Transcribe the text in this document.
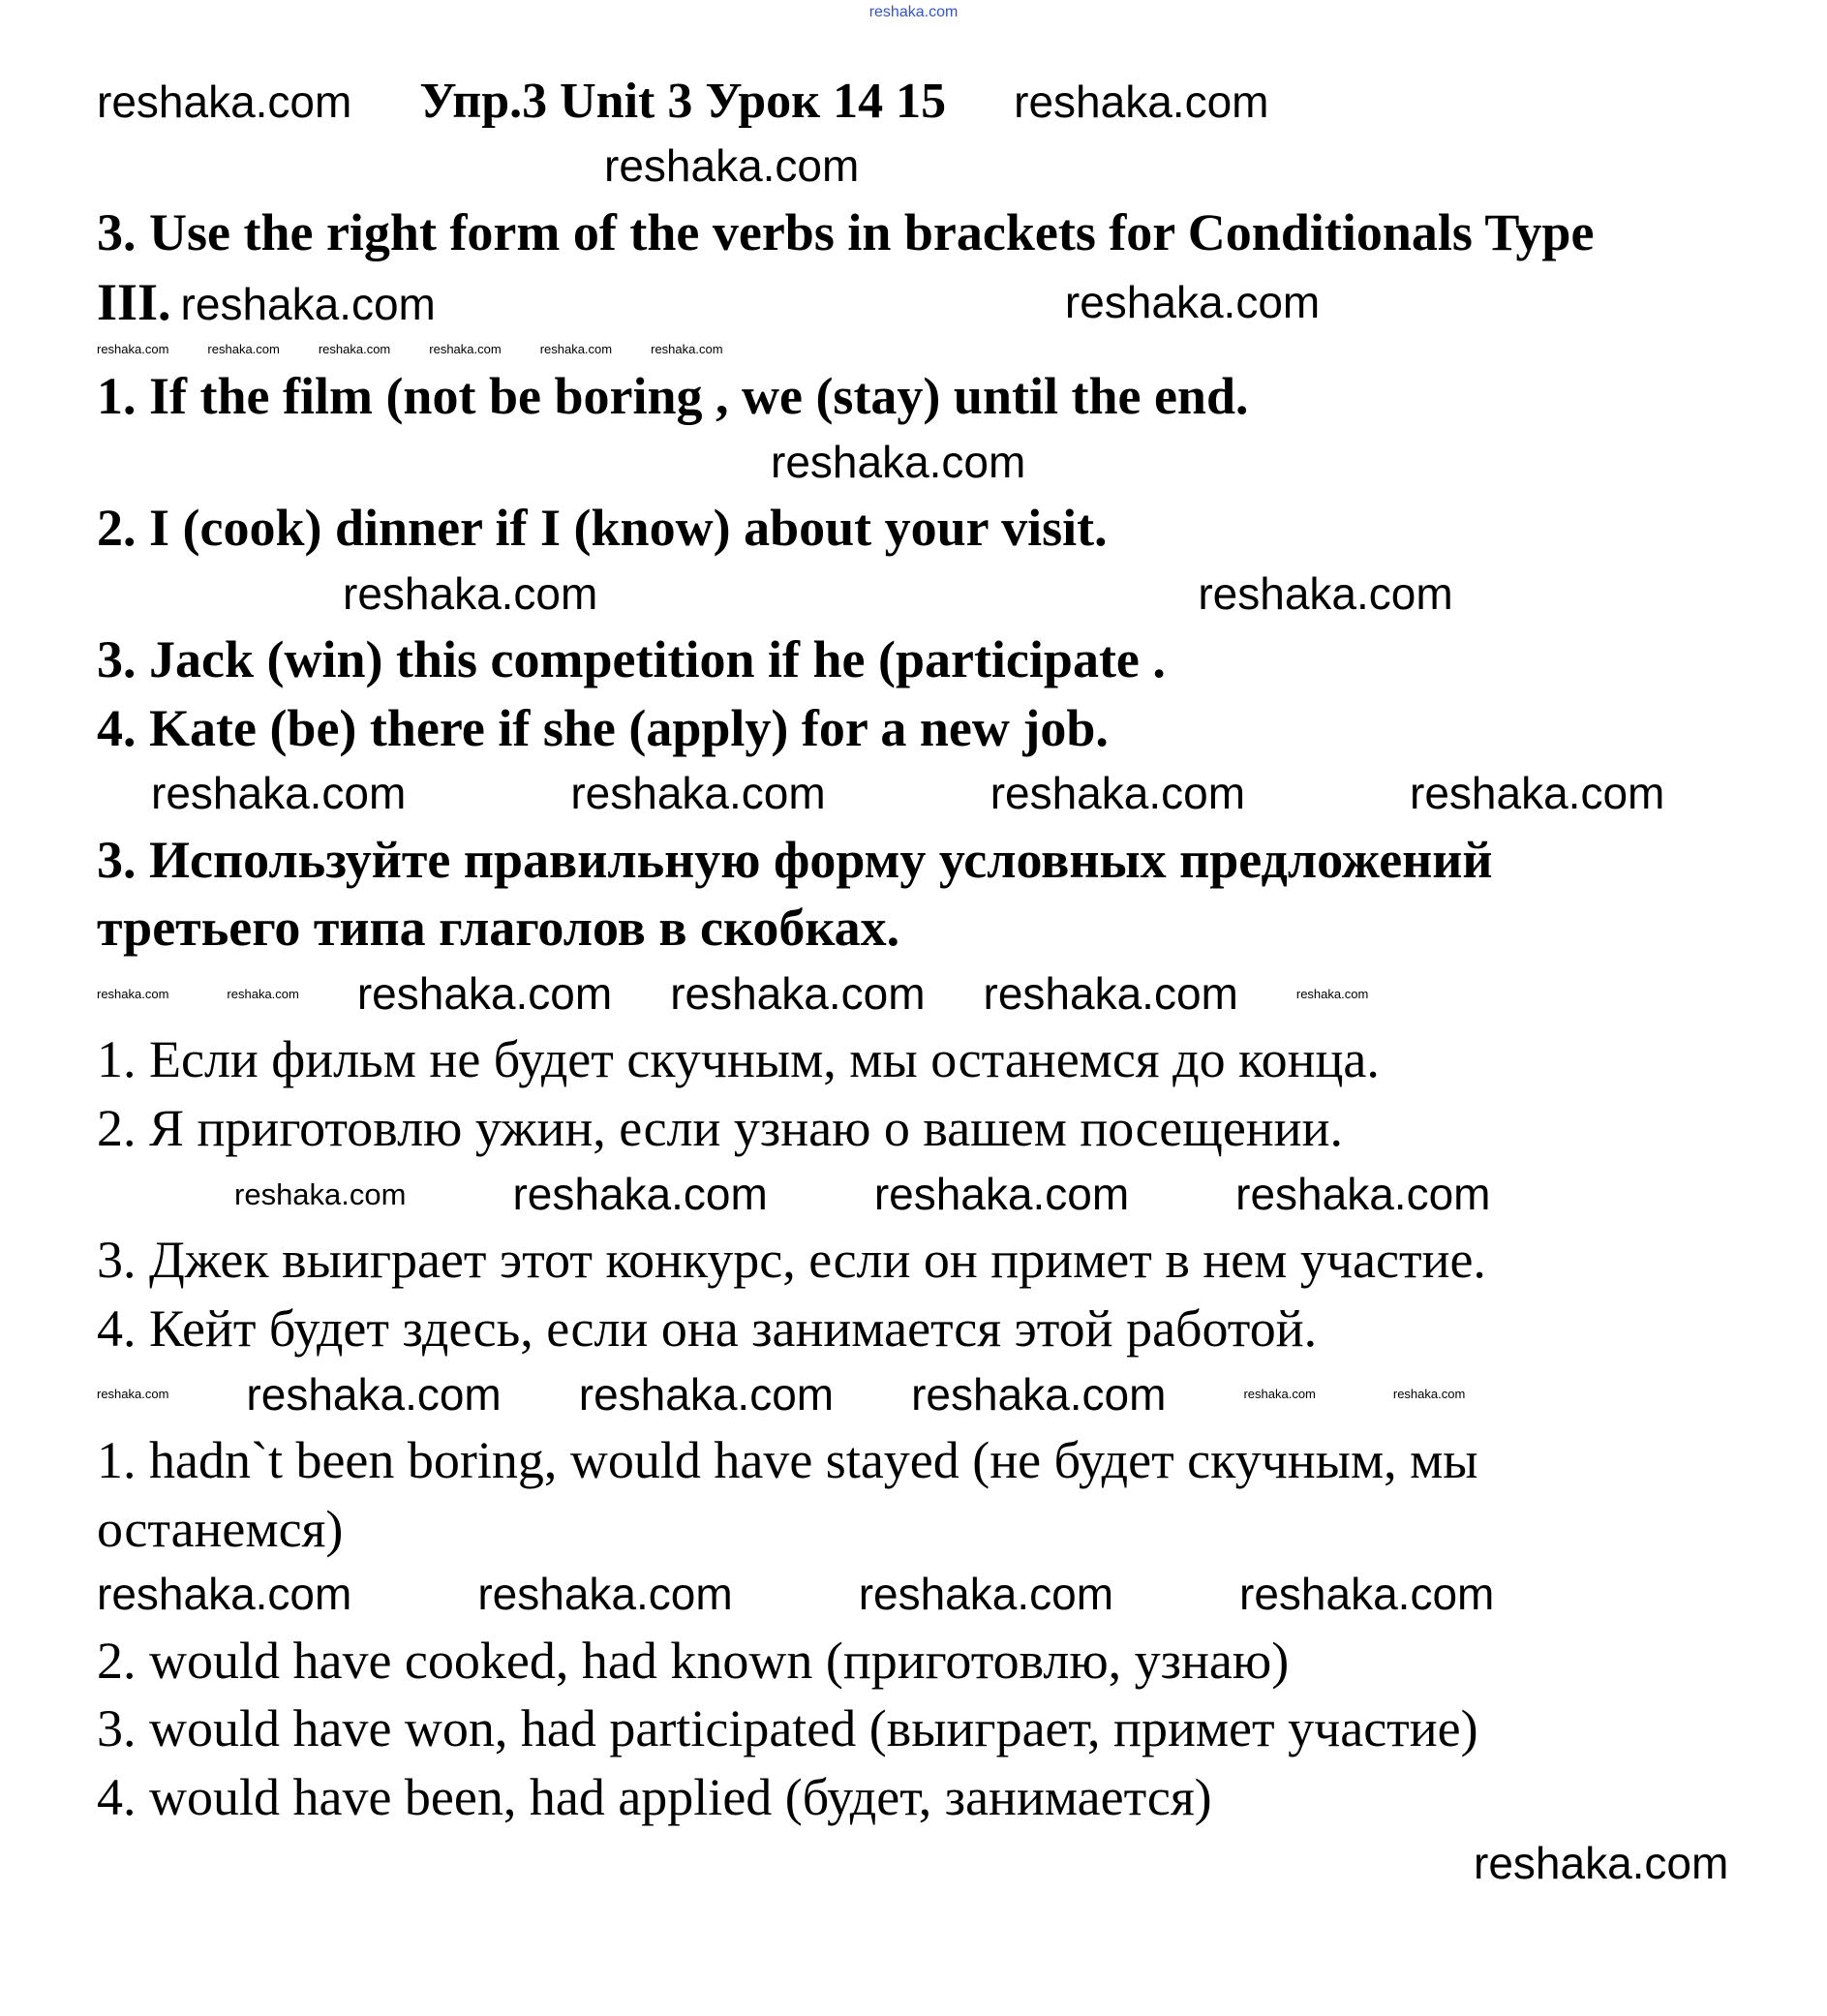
reshaka.com
reshaka.com Упр.3 Unit 3 Урок 14 15 reshaka.com
reshaka.com
3. Use the right form of the verbs in brackets for Conditionals Type
III. reshaka.com	reshaka.com
reshaka.com	reshaka.com	reshaka.com	reshaka.com	reshaka.com	reshaka.com
1. If the film (not be boring , we (stay) until the end.
reshaka.com
2. I (cook) dinner if I (know) about your visit.
reshaka.com	reshaka.com
3. Jack (win) this competition if he (participate .
4. Kate (be) there if she (apply) for a new job.
reshaka.com	reshaka.com	reshaka.com	reshaka.com
3. Используйте правильную форму условных предложений
третьего типа глаголов в скобках.
reshaka.com	reshaka.com reshaka.com reshaka.com reshaka.com	reshaka.com
1. Если фильм не будет скучным, мы останемся до конца.
2. Я приготовлю ужин, если узнаю о вашем посещении.
reshaka.com reshaka.com reshaka.com reshaka.com
3. Джек выиграет этот конкурс, если он примет в нем участие.
4. Кейт будет здесь, если она занимается этой работой.
reshaka.com reshaka.com reshaka.com reshaka.com	reshaka.com	reshaka.com
1. hadn`t been boring, would have stayed (не будет скучным, мы
останемся)
reshaka.com	reshaka.com	reshaka.com	reshaka.com
2. would have cooked, had known (приготовлю, узнаю)
3. would have won, had participated (выиграет, примет участие)
4. would have been, had applied (будет, занимается)
reshaka.com
